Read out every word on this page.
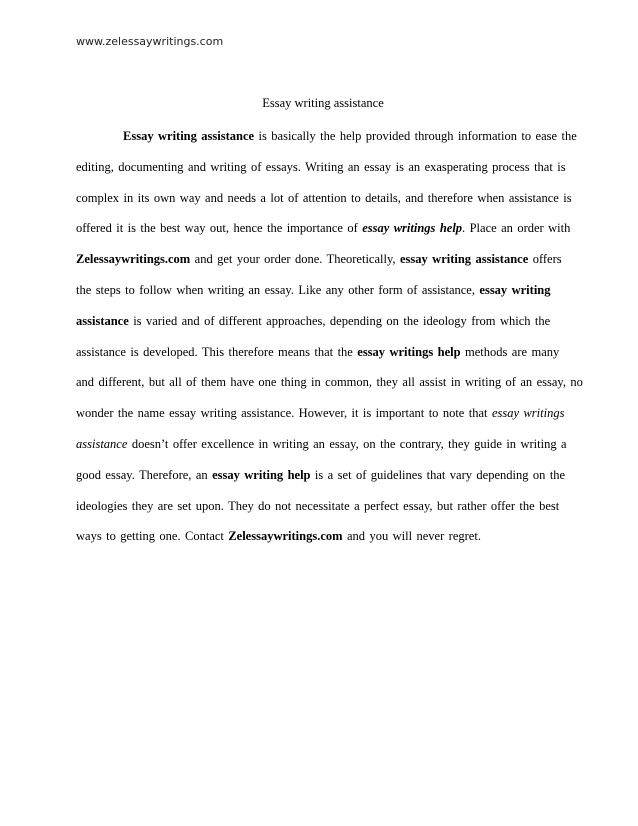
www.zelessaywritings.com

Essay writing assistance

Essay writing assistance is basically the help provided through information to ease the
editing, documenting and writing of essays. Writing an essay is an exasperating process that is
complex in its own way and needs a lot of attention to details, and therefore when assistance is
offered it is the best way out, hence the importance of essay writings help. Place an order with
Zelessaywritings.com and get your order done. Theoretically, essay writing assistance offers
the steps to follow when writing an essay. Like any other form of assistance, essay writing
assistance is varied and of different approaches, depending on the ideology from which the
assistance is developed. This therefore means that the essay writings help methods are many
and different, but all of them have one thing in common, they all assist in writing of an essay, no
wonder the name essay writing assistance. However, it is important to note that essay writings
assistance doesn’t offer excellence in writing an essay, on the contrary, they guide in writing a
good essay. Therefore, an essay writing help is a set of guidelines that vary depending on the
ideologies they are set upon. They do not necessitate a perfect essay, but rather offer the best
ways to getting one. Contact Zelessaywritings.com and you will never regret.
